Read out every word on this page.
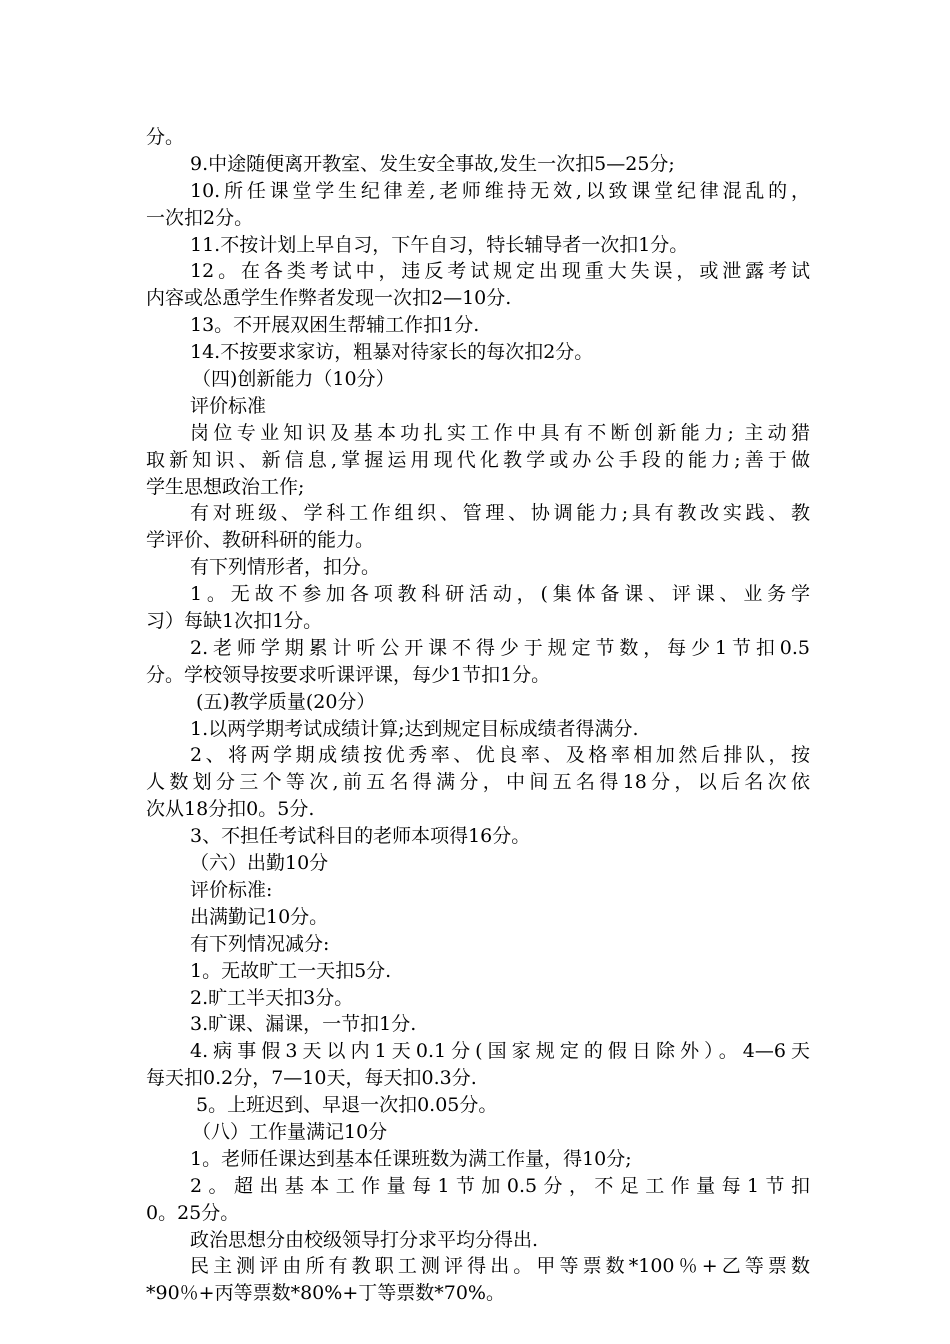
分。
9.中途随便离开教室、发生安全事故,发生一次扣5—25分;
10.所任课堂学生纪律差,老师维持无效,以致课堂纪律混乱的，
一次扣2分。
11.不按计划上早自习，下午自习，特长辅导者一次扣1分。
12。在各类考试中，违反考试规定出现重大失误，或泄露考试
内容或怂恿学生作弊者发现一次扣2—10分.
13。不开展双困生帮辅工作扣1分.
14.不按要求家访，粗暴对待家长的每次扣2分。
（四)创新能力（10分）
评价标准
岗位专业知识及基本功扎实工作中具有不断创新能力; 主动猎
取新知识、新信息,掌握运用现代化教学或办公手段的能力;善于做
学生思想政治工作;
有对班级、学科工作组织、管理、协调能力;具有教改实践、教
学评价、教研科研的能力。
有下列情形者，扣分。
1。无故不参加各项教科研活动，(集体备课、评课、业务学
习）每缺1次扣1分。
2.老师学期累计听公开课不得少于规定节数，每少1节扣0.5
分。学校领导按要求听课评课，每少1节扣1分。
(五)教学质量(20分）
1.以两学期考试成绩计算;达到规定目标成绩者得满分.
2、将两学期成绩按优秀率、优良率、及格率相加然后排队，按
人数划分三个等次,前五名得满分，中间五名得18分，以后名次依
次从18分扣0。5分.
3、不担任考试科目的老师本项得16分。
（六）出勤10分
评价标准:
出满勤记10分。
有下列情况减分:
1。无故旷工一天扣5分.
2.旷工半天扣3分。
3.旷课、漏课，一节扣1分.
4.病事假3天以内1天0.1分(国家规定的假日除外）。4—6天
每天扣0.2分，7—10天，每天扣0.3分.
5。上班迟到、早退一次扣0.05分。
（八）工作量满记10分
1。老师任课达到基本任课班数为满工作量，得10分;
2。超出基本工作量每1节加0.5分，不足工作量每1节扣
0。25分。
政治思想分由校级领导打分求平均分得出.
民主测评由所有教职工测评得出。甲等票数*100％+乙等票数
*90％+丙等票数*80%+丁等票数*70%。
